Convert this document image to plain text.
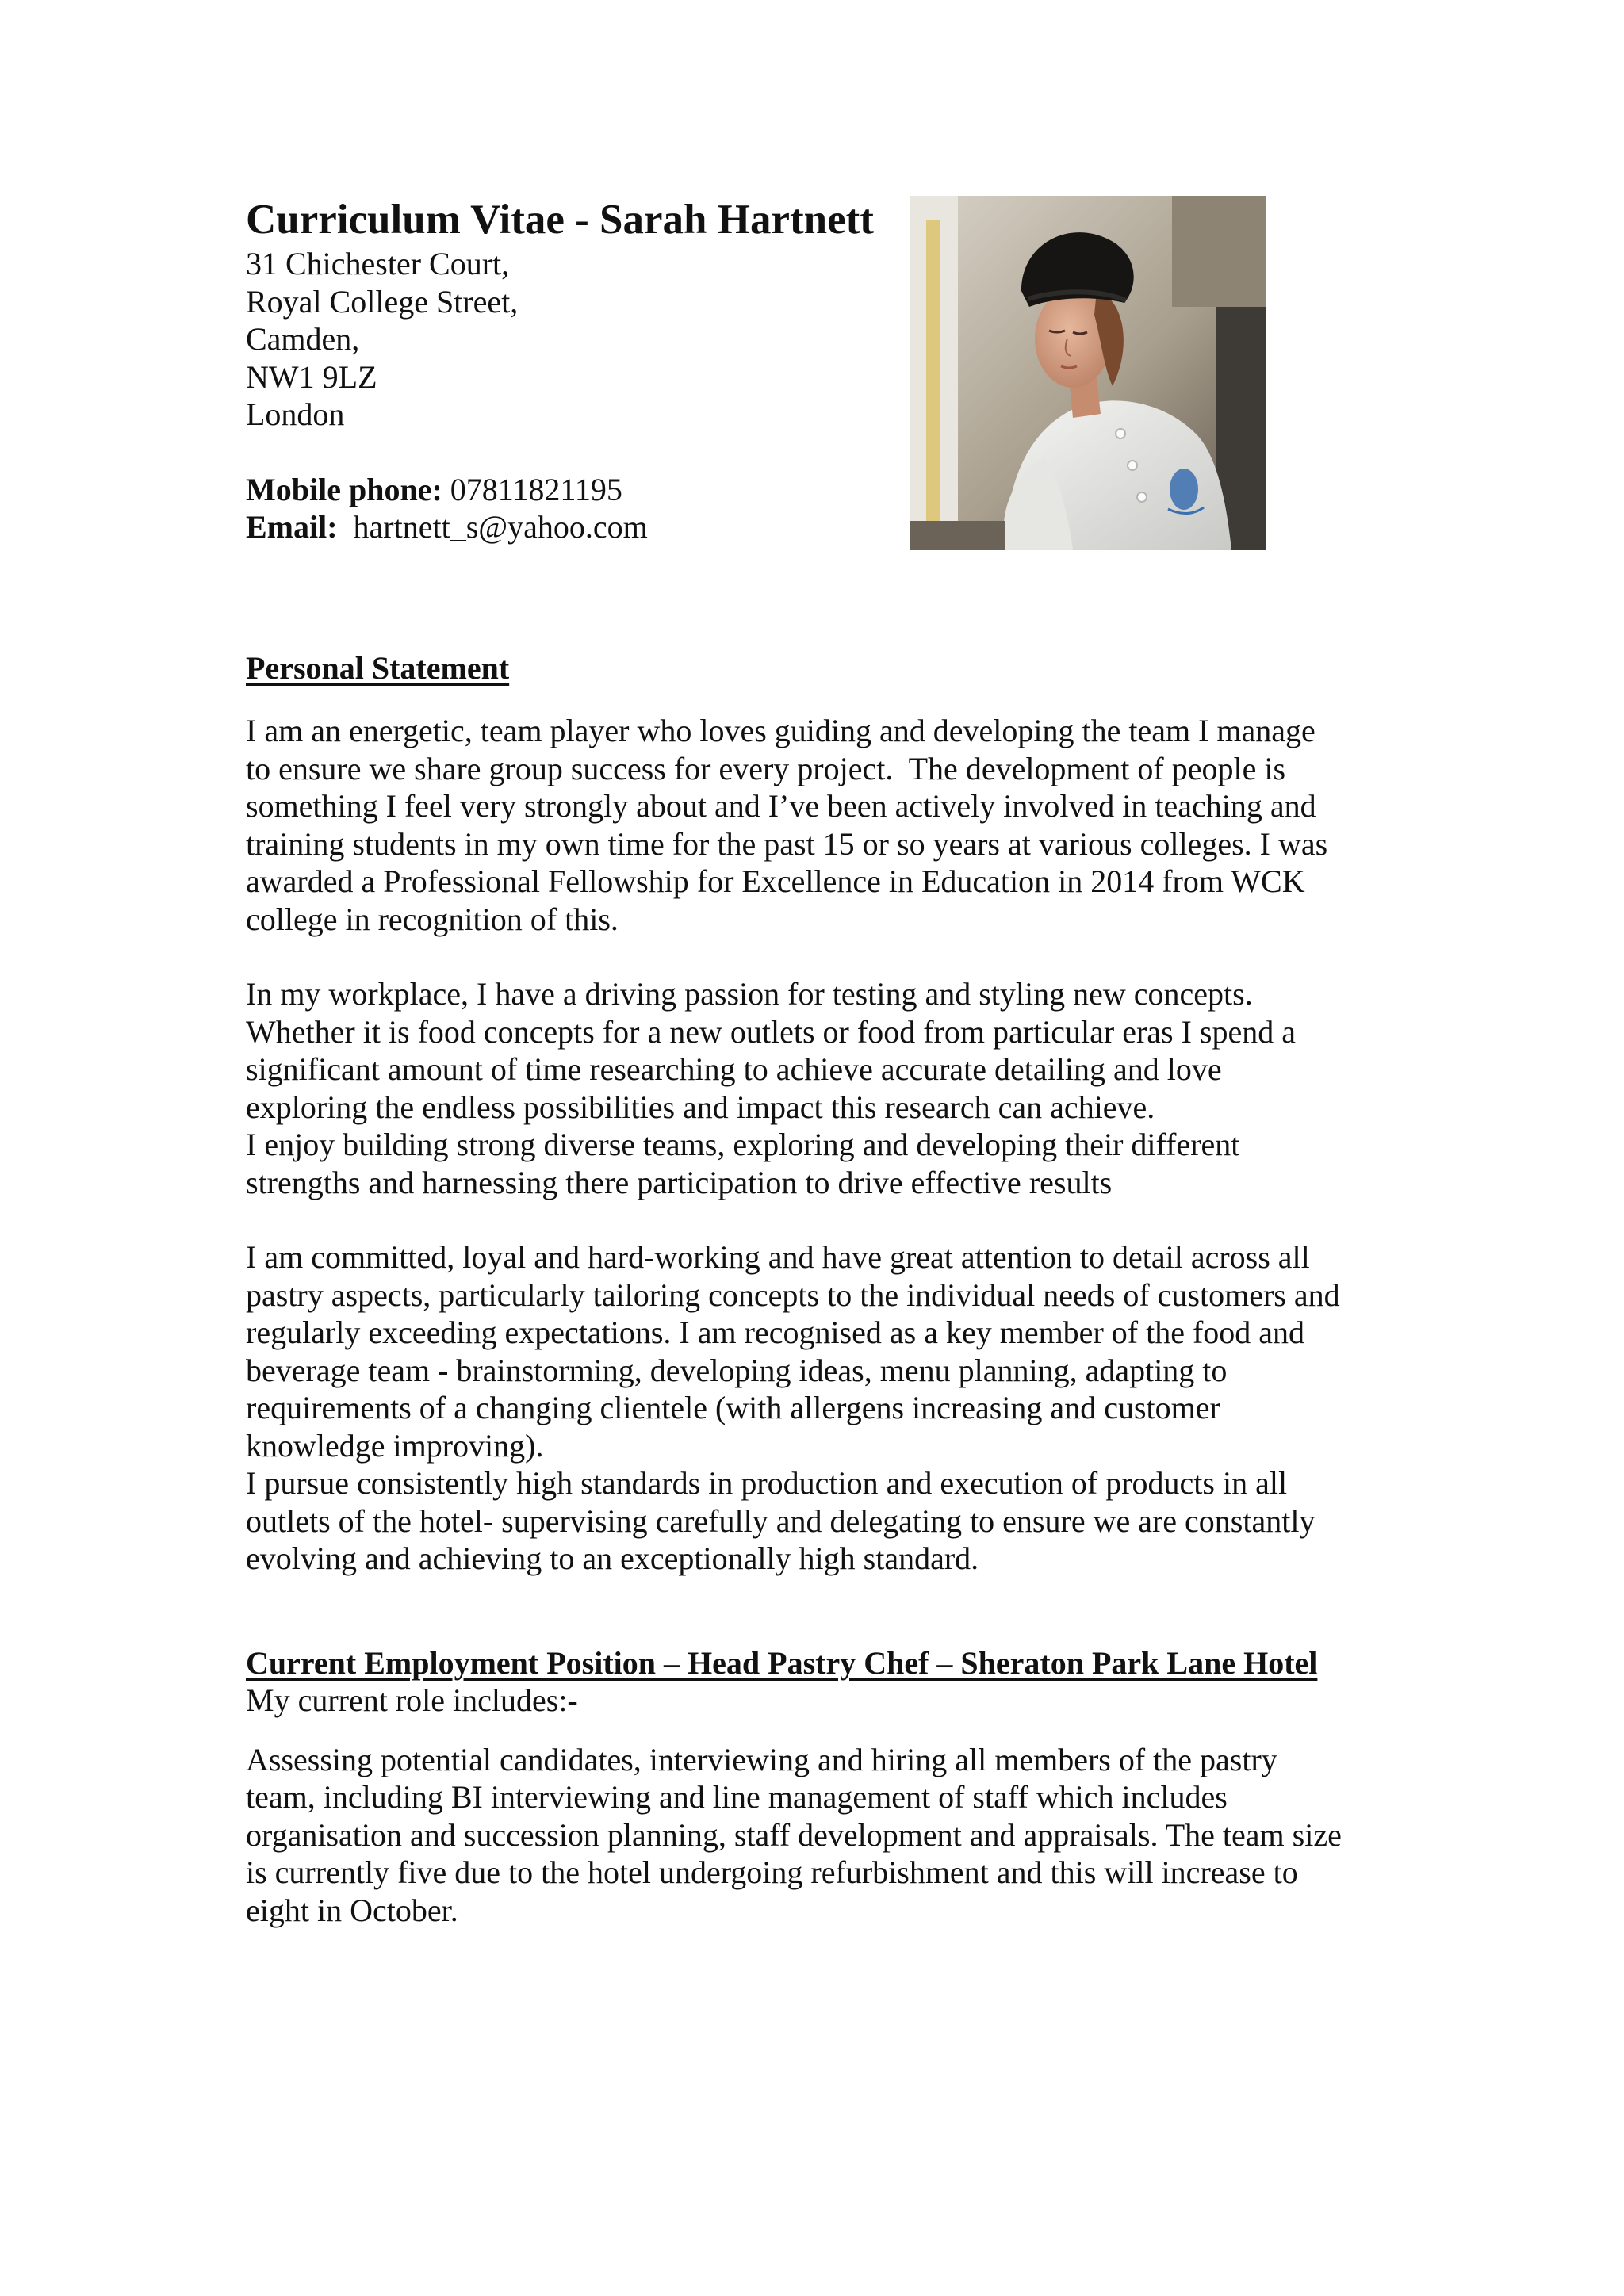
Curriculum Vitae - Sarah Hartnett
31 Chichester Court,
Royal College Street,
Camden,
NW1 9LZ
London
Mobile phone: 07811821195
Email:  hartnett_s@yahoo.com
Personal Statement
I am an energetic, team player who loves guiding and developing the team I manage
to ensure we share group success for every project.  The development of people is
something I feel very strongly about and I’ve been actively involved in teaching and
training students in my own time for the past 15 or so years at various colleges. I was
awarded a Professional Fellowship for Excellence in Education in 2014 from WCK
college in recognition of this.
In my workplace, I have a driving passion for testing and styling new concepts.
Whether it is food concepts for a new outlets or food from particular eras I spend a
significant amount of time researching to achieve accurate detailing and love
exploring the endless possibilities and impact this research can achieve.
I enjoy building strong diverse teams, exploring and developing their different
strengths and harnessing there participation to drive effective results
I am committed, loyal and hard-working and have great attention to detail across all
pastry aspects, particularly tailoring concepts to the individual needs of customers and
regularly exceeding expectations. I am recognised as a key member of the food and
beverage team - brainstorming, developing ideas, menu planning, adapting to
requirements of a changing clientele (with allergens increasing and customer
knowledge improving).
I pursue consistently high standards in production and execution of products in all
outlets of the hotel- supervising carefully and delegating to ensure we are constantly
evolving and achieving to an exceptionally high standard.
Current Employment Position – Head Pastry Chef – Sheraton Park Lane Hotel
My current role includes:-
Assessing potential candidates, interviewing and hiring all members of the pastry
team, including BI interviewing and line management of staff which includes
organisation and succession planning, staff development and appraisals. The team size
is currently five due to the hotel undergoing refurbishment and this will increase to
eight in October.
